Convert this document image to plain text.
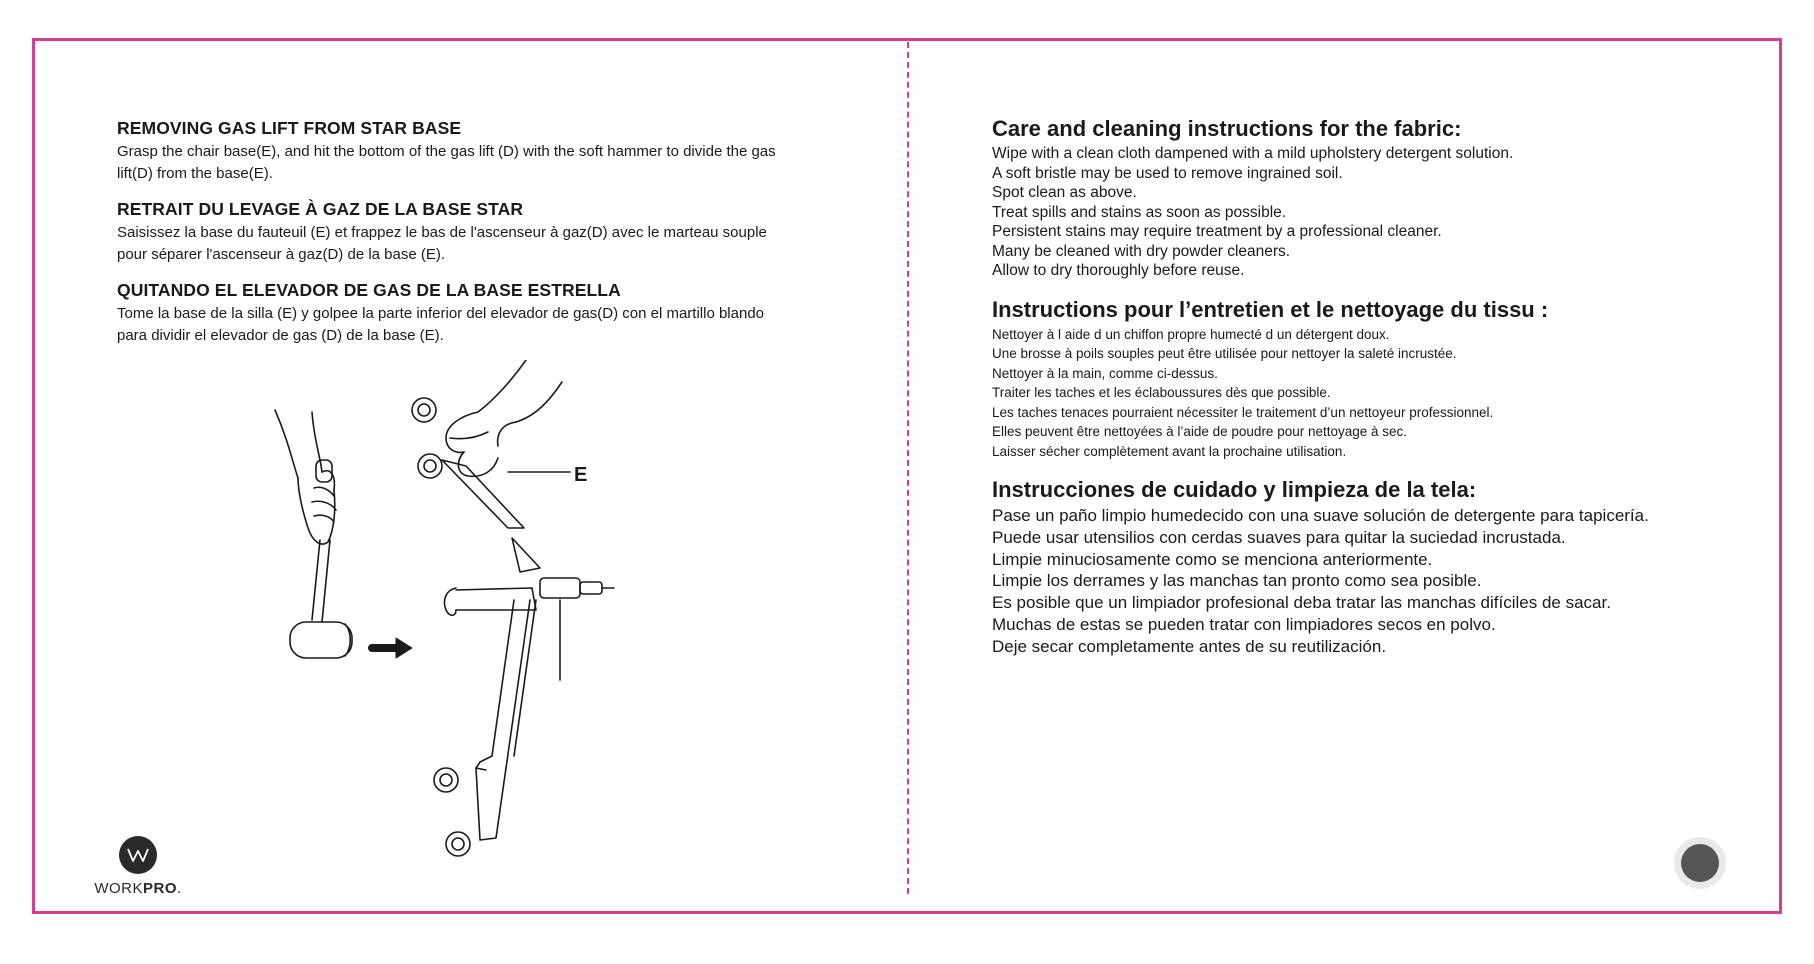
REMOVING GAS LIFT FROM STAR BASE

Grasp the chair base(E), and hit the bottom of the gas lift (D) with the soft hammer to divide the gas
lift(D) from the base(E).

RETRAIT DU LEVAGE À GAZ DE LA BASE STAR

Saisissez la base du fauteuil (E) et frappez le bas de l'ascenseur à gaz(D) avec le marteau souple
pour séparer l'ascenseur à gaz(D) de la base (E).

QUITANDO EL ELEVADOR DE GAS DE LA BASE ESTRELLA

Tome la base de la silla (E) y golpee la parte inferior del elevador de gas(D) con el martillo blando
para dividir el elevador de gas (D) de la base (E).

E
Care and cleaning instructions for the fabric:
Wipe with a clean cloth dampened with a mild upholstery detergent solution.
A soft bristle may be used to remove ingrained soil.
Spot clean as above.
Treat spills and stains as soon as possible.
Persistent stains may require treatment by a professional cleaner.
Many be cleaned with dry powder cleaners.
Allow to dry thoroughly before reuse.
Instructions pour l’entretien et le nettoyage du tissu :
Nettoyer à l aide d un chiffon propre humecté d un détergent doux.
Une brosse à poils souples peut être utilisée pour nettoyer la saleté incrustée.
Nettoyer à la main, comme ci-dessus.
Traiter les taches et les éclaboussures dès que possible.
Les taches tenaces pourraient nécessiter le traitement d’un nettoyeur professionnel.
Elles peuvent être nettoyées à l’aide de poudre pour nettoyage à sec.
Laisser sécher complètement avant la prochaine utilisation.
Instrucciones de cuidado y limpieza de la tela:
Pase un paño limpio humedecido con una suave solución de detergente para tapicería.
Puede usar utensilios con cerdas suaves para quitar la suciedad incrustada.
Limpie minuciosamente como se menciona anteriormente.
Limpie los derrames y las manchas tan pronto como sea posible.
Es posible que un limpiador profesional deba tratar las manchas difíciles de sacar.
Muchas de estas se pueden tratar con limpiadores secos en polvo.
Deje secar completamente antes de su reutilización.
WORKPRO.
